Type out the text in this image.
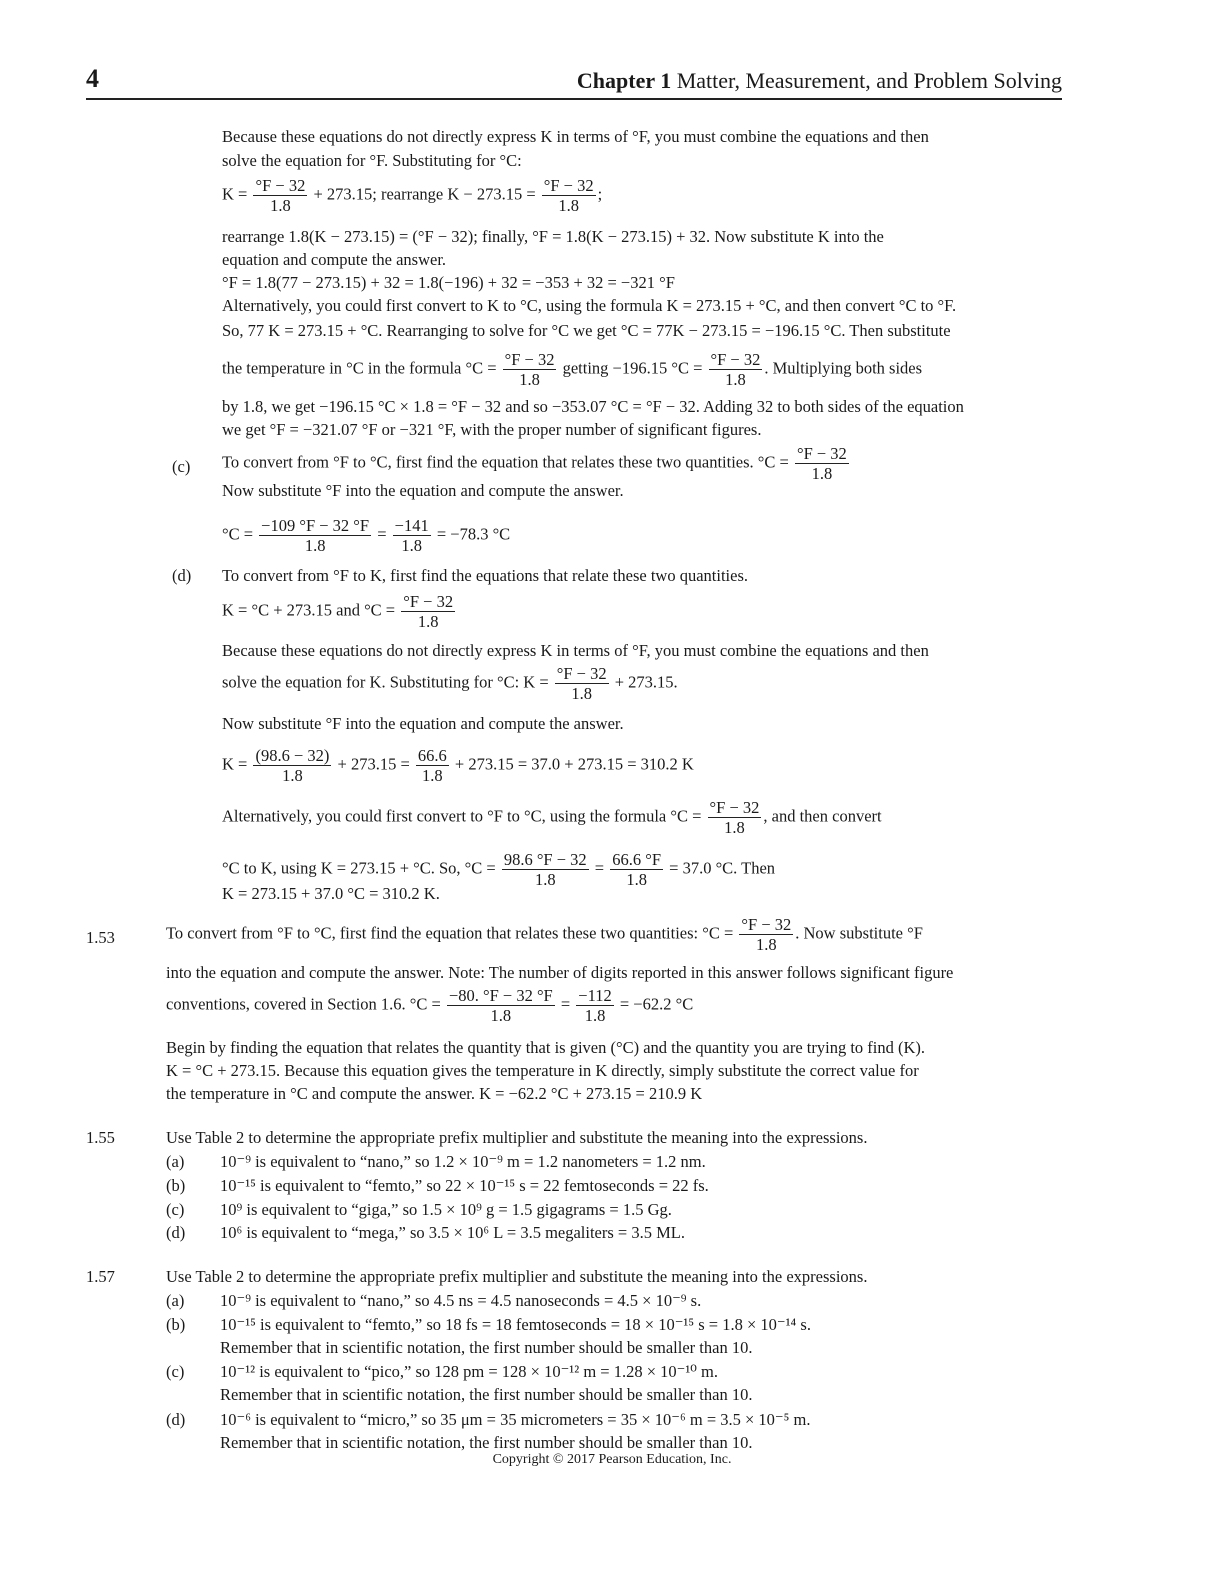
4	Chapter 1 Matter, Measurement, and Problem Solving
Because these equations do not directly express K in terms of °F, you must combine the equations and then
solve the equation for °F. Substituting for °C:
$K = \frac{^\circ F - 32}{1.8} + 273.15$; rearrange $K - 273.15 = \frac{^\circ F - 32}{1.8}$ ;
rearrange 1.8(K − 273.15) = (°F − 32); finally, °F = 1.8(K − 273.15) + 32. Now substitute K into the
equation and compute the answer.
°F = 1.8(77 − 273.15) + 32 = 1.8(−196) + 32 = −353 + 32 = −321 °F
Alternatively, you could first convert to K to °C, using the formula K = 273.15 + °C, and then convert °C to °F.
So, 77 K = 273.15 + °C. Rearranging to solve for °C we get °C = 77K − 273.15 = −196.15 °C. Then substitute
the temperature in °C in the formula $^\circ C = \frac{^\circ F - 32}{1.8}$ getting −196.15 $^\circ C = \frac{^\circ F - 32}{1.8}$ . Multiplying both sides
by 1.8, we get −196.15 °C × 1.8 = °F − 32 and so −353.07 °C = °F − 32. Adding 32 to both sides of the equation
we get °F = −321.07 °F or −321 °F, with the proper number of significant figures.
(c) To convert from °F to °C, first find the equation that relates these two quantities. $^\circ C = \frac{^\circ F - 32}{1.8}$
Now substitute °F into the equation and compute the answer.
$^\circ C = \frac{-109 ^\circ F - 32 ^\circ F}{1.8} = \frac{-141}{1.8} = -78.3$ °C
(d) To convert from °F to K, first find the equations that relate these two quantities.
K = °C + 273.15 and $^\circ C = \frac{^\circ F - 32}{1.8}$
Because these equations do not directly express K in terms of °F, you must combine the equations and then
solve the equation for K. Substituting for °C: $K = \frac{^\circ F - 32}{1.8} + 273.15$.
Now substitute °F into the equation and compute the answer.
$K = \frac{(98.6 - 32)}{1.8} + 273.15 = \frac{66.6}{1.8} + 273.15 = 37.0 + 273.15 = 310.2$ K
Alternatively, you could first convert to °F to °C, using the formula $^\circ C = \frac{^\circ F - 32}{1.8}$ , and then convert
°C to K, using K = 273.15 + °C. So, $^\circ C = \frac{98.6 ^\circ F - 32}{1.8} = \frac{66.6 ^\circ F}{1.8} = 37.0$ °C. Then
K = 273.15 + 37.0 °C = 310.2 K.
1.53	To convert from °F to °C, first find the equation that relates these two quantities: $^\circ C = \frac{^\circ F - 32}{1.8}$ . Now substitute °F
into the equation and compute the answer. Note: The number of digits reported in this answer follows significant figure
conventions, covered in Section 1.6. $^\circ C = \frac{-80. ^\circ F - 32 ^\circ F}{1.8} = \frac{-112}{1.8} = -62.2$ °C
Begin by finding the equation that relates the quantity that is given (°C) and the quantity you are trying to find (K).
K = °C + 273.15. Because this equation gives the temperature in K directly, simply substitute the correct value for
the temperature in °C and compute the answer. K = −62.2 °C + 273.15 = 210.9 K
1.55	Use Table 2 to determine the appropriate prefix multiplier and substitute the meaning into the expressions.
(a) 10⁻⁹ is equivalent to “nano,” so 1.2 × 10⁻⁹ m = 1.2 nanometers = 1.2 nm.
(b) 10⁻¹⁵ is equivalent to “femto,” so 22 × 10⁻¹⁵ s = 22 femtoseconds = 22 fs.
(c) 10⁹ is equivalent to “giga,” so 1.5 × 10⁹ g = 1.5 gigagrams = 1.5 Gg.
(d) 10⁶ is equivalent to “mega,” so 3.5 × 10⁶ L = 3.5 megaliters = 3.5 ML.
1.57	Use Table 2 to determine the appropriate prefix multiplier and substitute the meaning into the expressions.
(a) 10⁻⁹ is equivalent to “nano,” so 4.5 ns = 4.5 nanoseconds = 4.5 × 10⁻⁹ s.
(b) 10⁻¹⁵ is equivalent to “femto,” so 18 fs = 18 femtoseconds = 18 × 10⁻¹⁵ s = 1.8 × 10⁻¹⁴ s.
Remember that in scientific notation, the first number should be smaller than 10.
(c) 10⁻¹² is equivalent to “pico,” so 128 pm = 128 × 10⁻¹² m = 1.28 × 10⁻¹⁰ m.
Remember that in scientific notation, the first number should be smaller than 10.
(d) 10⁻⁶ is equivalent to “micro,” so 35 μm = 35 micrometers = 35 × 10⁻⁶ m = 3.5 × 10⁻⁵ m.
Remember that in scientific notation, the first number should be smaller than 10.
Copyright © 2017 Pearson Education, Inc.
